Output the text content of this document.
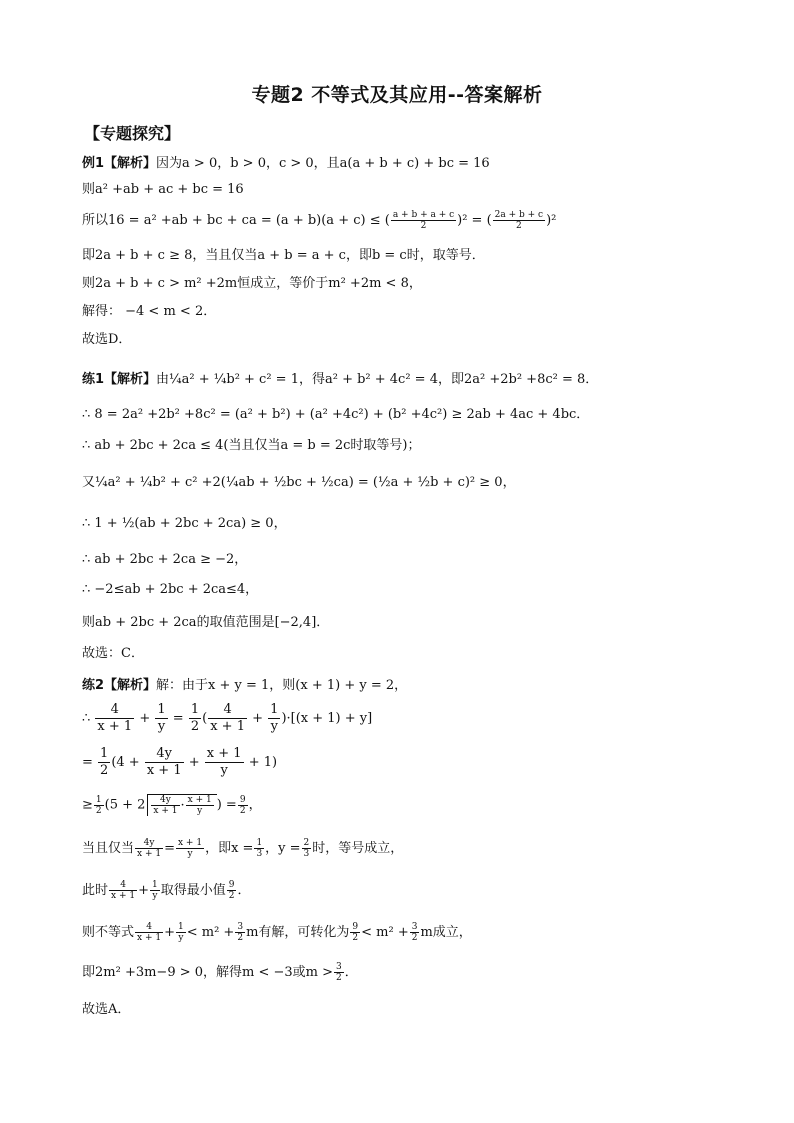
专题2 不等式及其应用--答案解析
【专题探究】
例1【解析】因为a > 0，b > 0，c > 0，且a(a + b + c) + bc = 16
则a² +ab + ac + bc = 16
所以16 = a² +ab + bc + ca = (a + b)(a + c) ≤ ( $\frac{a + b + a + c}{2} )^2$ = ( $\frac{2a + b + c}{2} )^2$
即2a + b + c ≥ 8，当且仅当a + b = a + c，即b = c时，取等号．
则2a + b + c > m² +2m恒成立，等价于m² +2m < 8，
解得： −4 < m < 2．
故选D．
练1【解析】由¼a² + ¼b² + c² = 1，得a² + b² + 4c² = 4，即2a² +2b² +8c² = 8．
∴ 8 = 2a² +2b² +8c² = (a² + b²) + (a² +4c²) + (b² +4c²) ≥ 2ab + 4ac + 4bc．
∴ ab + 2bc + 2ca ≤ 4(当且仅当a = b = 2c时取等号)；
又¼a² + ¼b² + c² +2(¼ab + ½bc + ½ca) = (½a + ½b + c)² ≥ 0，
∴ 1 + ½(ab + 2bc + 2ca) ≥ 0，
∴ ab + 2bc + 2ca ≥ −2，
∴ −2≤ab + 2bc + 2ca≤4，
则ab + 2bc + 2ca的取值范围是[−2,4]．
故选：C．
练2【解析】解：由于x + y = 1，则(x + 1) + y = 2，
∴ $\frac{4}{x + 1} + \frac{1}{y} = \frac{1}{2}$ ( $\frac{4}{x + 1} + \frac{1}{y} )\cdot[(x + 1) + y]$
= $\frac{1}{2} (4 + \frac{4y}{x + 1} + \frac{x + 1}{y} + 1)$
≥ $\frac{1}{2} (5 + 2 \frac{4y}{x + 1} \cdot \frac{x + 1}{y}$ ) = $\frac{9}{2}$ ，
当且仅当 $\frac{4y}{x + 1} = \frac{x + 1}{y}$ ，即$x = \frac{1}{3}$ ，$y = \frac{2}{3}$ 时，等号成立，
此时 $\frac{4}{x + 1} + \frac{1}{y}$ 取得最小值 $\frac{9}{2}$ ．
则不等式 $\frac{4}{x + 1} + \frac{1}{y} < m^2 + \frac{3}{2}$ m有解，可转化为 $\frac{9}{2} < m^2 + \frac{3}{2}$ m成立，
即2m² +3m−9 > 0，解得m < −3或$m > \frac{3}{2}$ ．
故选A．
